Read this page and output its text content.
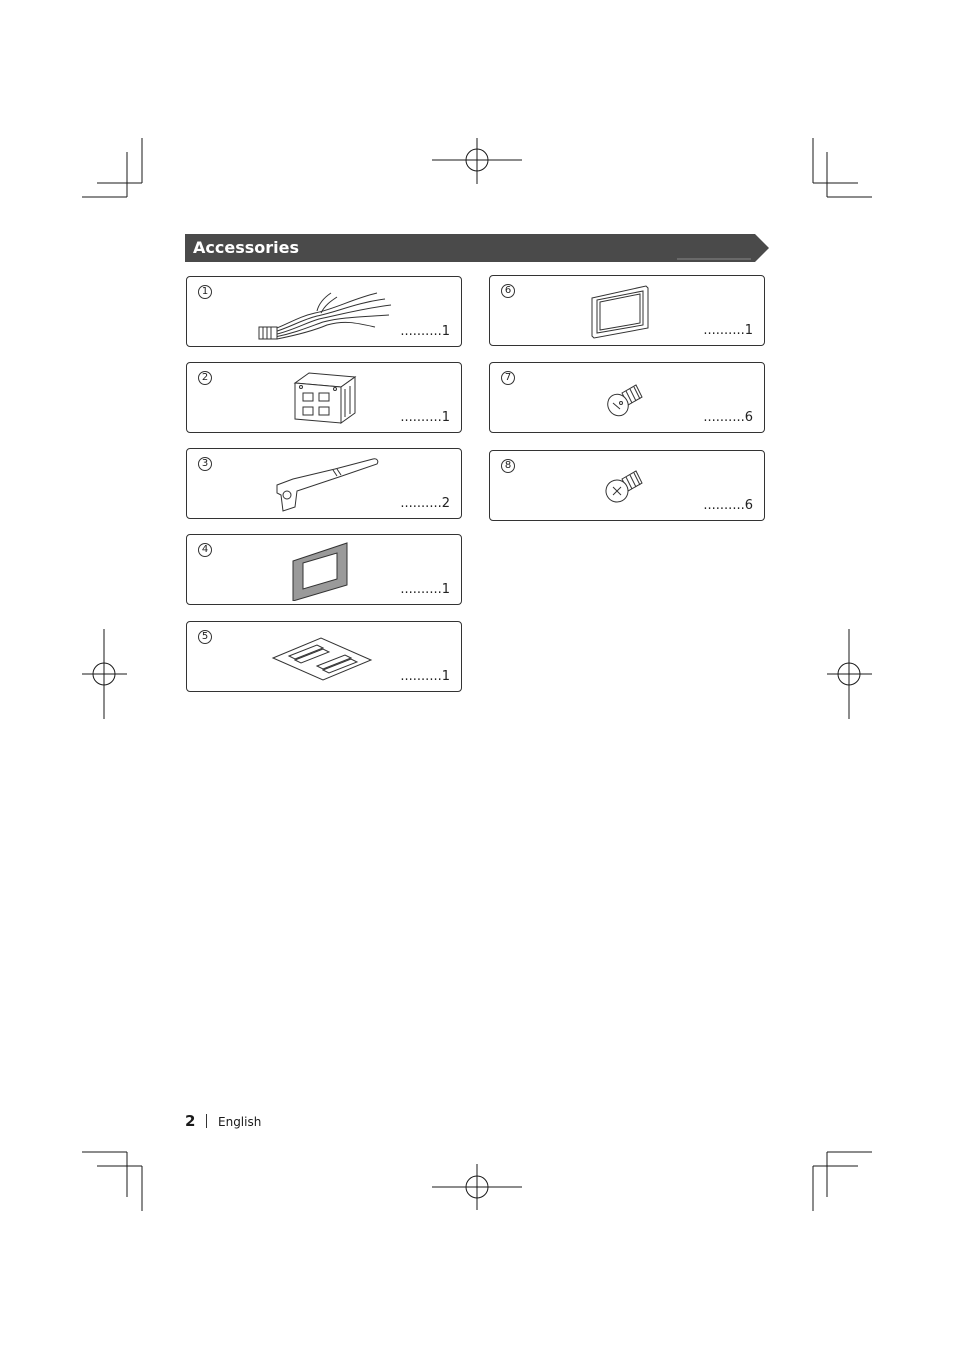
Accessories
1
..........1
2
..........1
3
..........2
4
..........1
5
..........1
6
..........1
7
..........6
8
..........6
2 English
